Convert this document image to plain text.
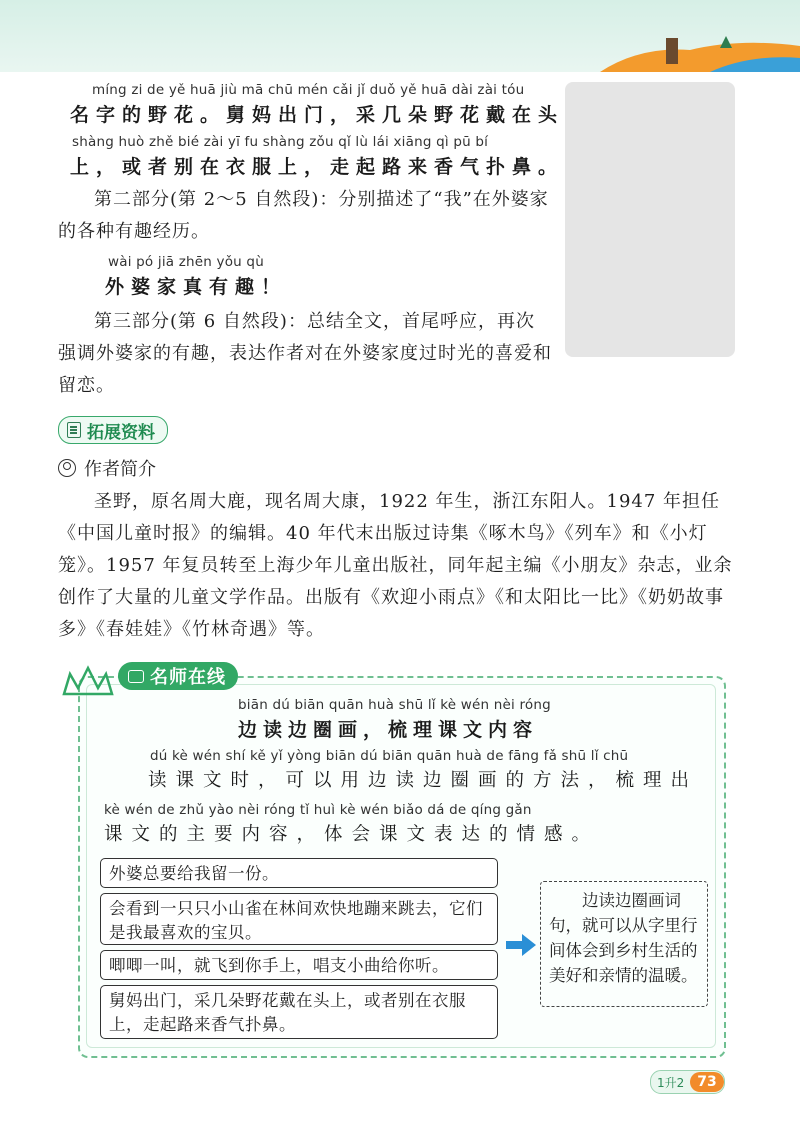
míng zi de yě huā jiù mā chū mén cǎi jǐ duǒ yě huā dài zài tóu
名字的野花。舅妈出门，采几朵野花戴在头
shàng huò zhě bié zài yī fu shàng zǒu qǐ lù lái xiāng qì pū bí
上，或者别在衣服上，走起路来香气扑鼻。
第二部分(第 2～5 自然段)：分别描述了“我”在外婆家的各种有趣经历。
wài pó jiā zhēn yǒu qù
外婆家真有趣！
第三部分(第 6 自然段)：总结全文，首尾呼应，再次强调外婆家的有趣，表达作者对在外婆家度过时光的喜爱和留恋。
拓展资料
作者简介
圣野，原名周大鹿，现名周大康，1922 年生，浙江东阳人。1947 年担任《中国儿童时报》的编辑。40 年代末出版过诗集《啄木鸟》《列车》和《小灯笼》。1957 年复员转至上海少年儿童出版社，同年起主编《小朋友》杂志，业余创作了大量的儿童文学作品。出版有《欢迎小雨点》《和太阳比一比》《奶奶故事多》《春娃娃》《竹林奇遇》等。
名师在线
biān dú biān quān huà shū lǐ kè wén nèi róng
边读边圈画，梳理课文内容
dú kè wén shí kě yǐ yòng biān dú biān quān huà de fāng fǎ shū lǐ chū
读课文时，可以用边读边圈画的方法，梳理出
kè wén de zhǔ yào nèi róng tǐ huì kè wén biǎo dá de qíng gǎn
课文的主要内容，体会课文表达的情感。
外婆总要给我留一份。
会看到一只只小山雀在林间欢快地蹦来跳去，它们是我最喜欢的宝贝。
唧唧一叫，就飞到你手上，唱支小曲给你听。
舅妈出门，采几朵野花戴在头上，或者别在衣服上，走起路来香气扑鼻。
边读边圈画词句，就可以从字里行间体会到乡村生活的美好和亲情的温暖。
1升2 73
